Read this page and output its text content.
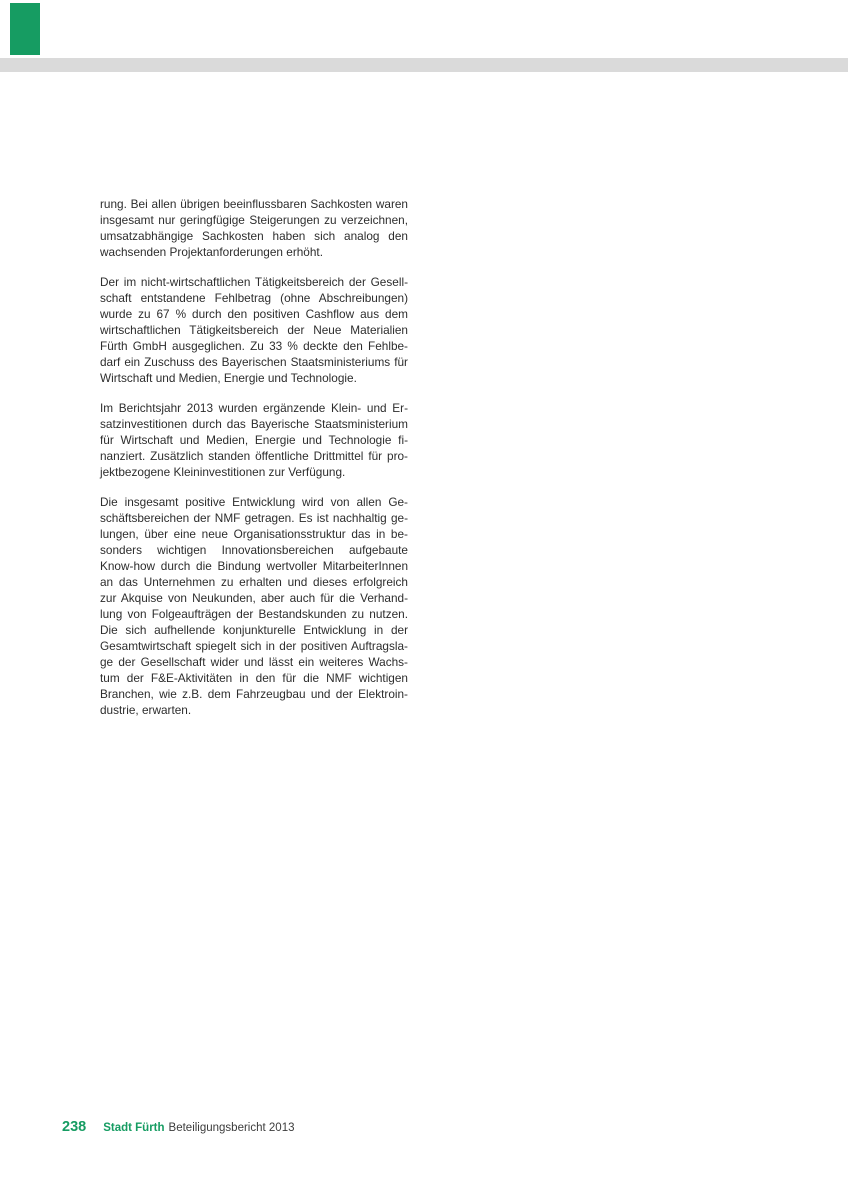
rung. Bei allen übrigen beeinflussbaren Sachkosten waren
insgesamt nur geringfügige Steigerungen zu verzeichnen,
umsatzabhängige Sachkosten haben sich analog den
wachsenden Projektanforderungen erhöht.

Der im nicht-wirtschaftlichen Tätigkeitsbereich der Gesell-
schaft entstandene Fehlbetrag (ohne Abschreibungen)
wurde zu 67 % durch den positiven Cashflow aus dem
wirtschaftlichen Tätigkeitsbereich der Neue Materialien
Fürth GmbH ausgeglichen. Zu 33 % deckte den Fehlbe-
darf ein Zuschuss des Bayerischen Staatsministeriums für
Wirtschaft und Medien, Energie und Technologie.

Im Berichtsjahr 2013 wurden ergänzende Klein- und Er-
satzinvestitionen durch das Bayerische Staatsministerium
für Wirtschaft und Medien, Energie und Technologie fi-
nanziert. Zusätzlich standen öffentliche Drittmittel für pro-
jektbezogene Kleininvestitionen zur Verfügung.

Die insgesamt positive Entwicklung wird von allen Ge-
schäftsbereichen der NMF getragen. Es ist nachhaltig ge-
lungen, über eine neue Organisationsstruktur das in be-
sonders wichtigen Innovationsbereichen aufgebaute
Know-how durch die Bindung wertvoller MitarbeiterInnen
an das Unternehmen zu erhalten und dieses erfolgreich
zur Akquise von Neukunden, aber auch für die Verhand-
lung von Folgeaufträgen der Bestandskunden zu nutzen.
Die sich aufhellende konjunkturelle Entwicklung in der
Gesamtwirtschaft spiegelt sich in der positiven Auftragsla-
ge der Gesellschaft wider und lässt ein weiteres Wachs-
tum der F&E-Aktivitäten in den für die NMF wichtigen
Branchen, wie z.B. dem Fahrzeugbau und der Elektroin-
dustrie, erwarten.

238 Stadt Fürth Beteiligungsbericht 2013
